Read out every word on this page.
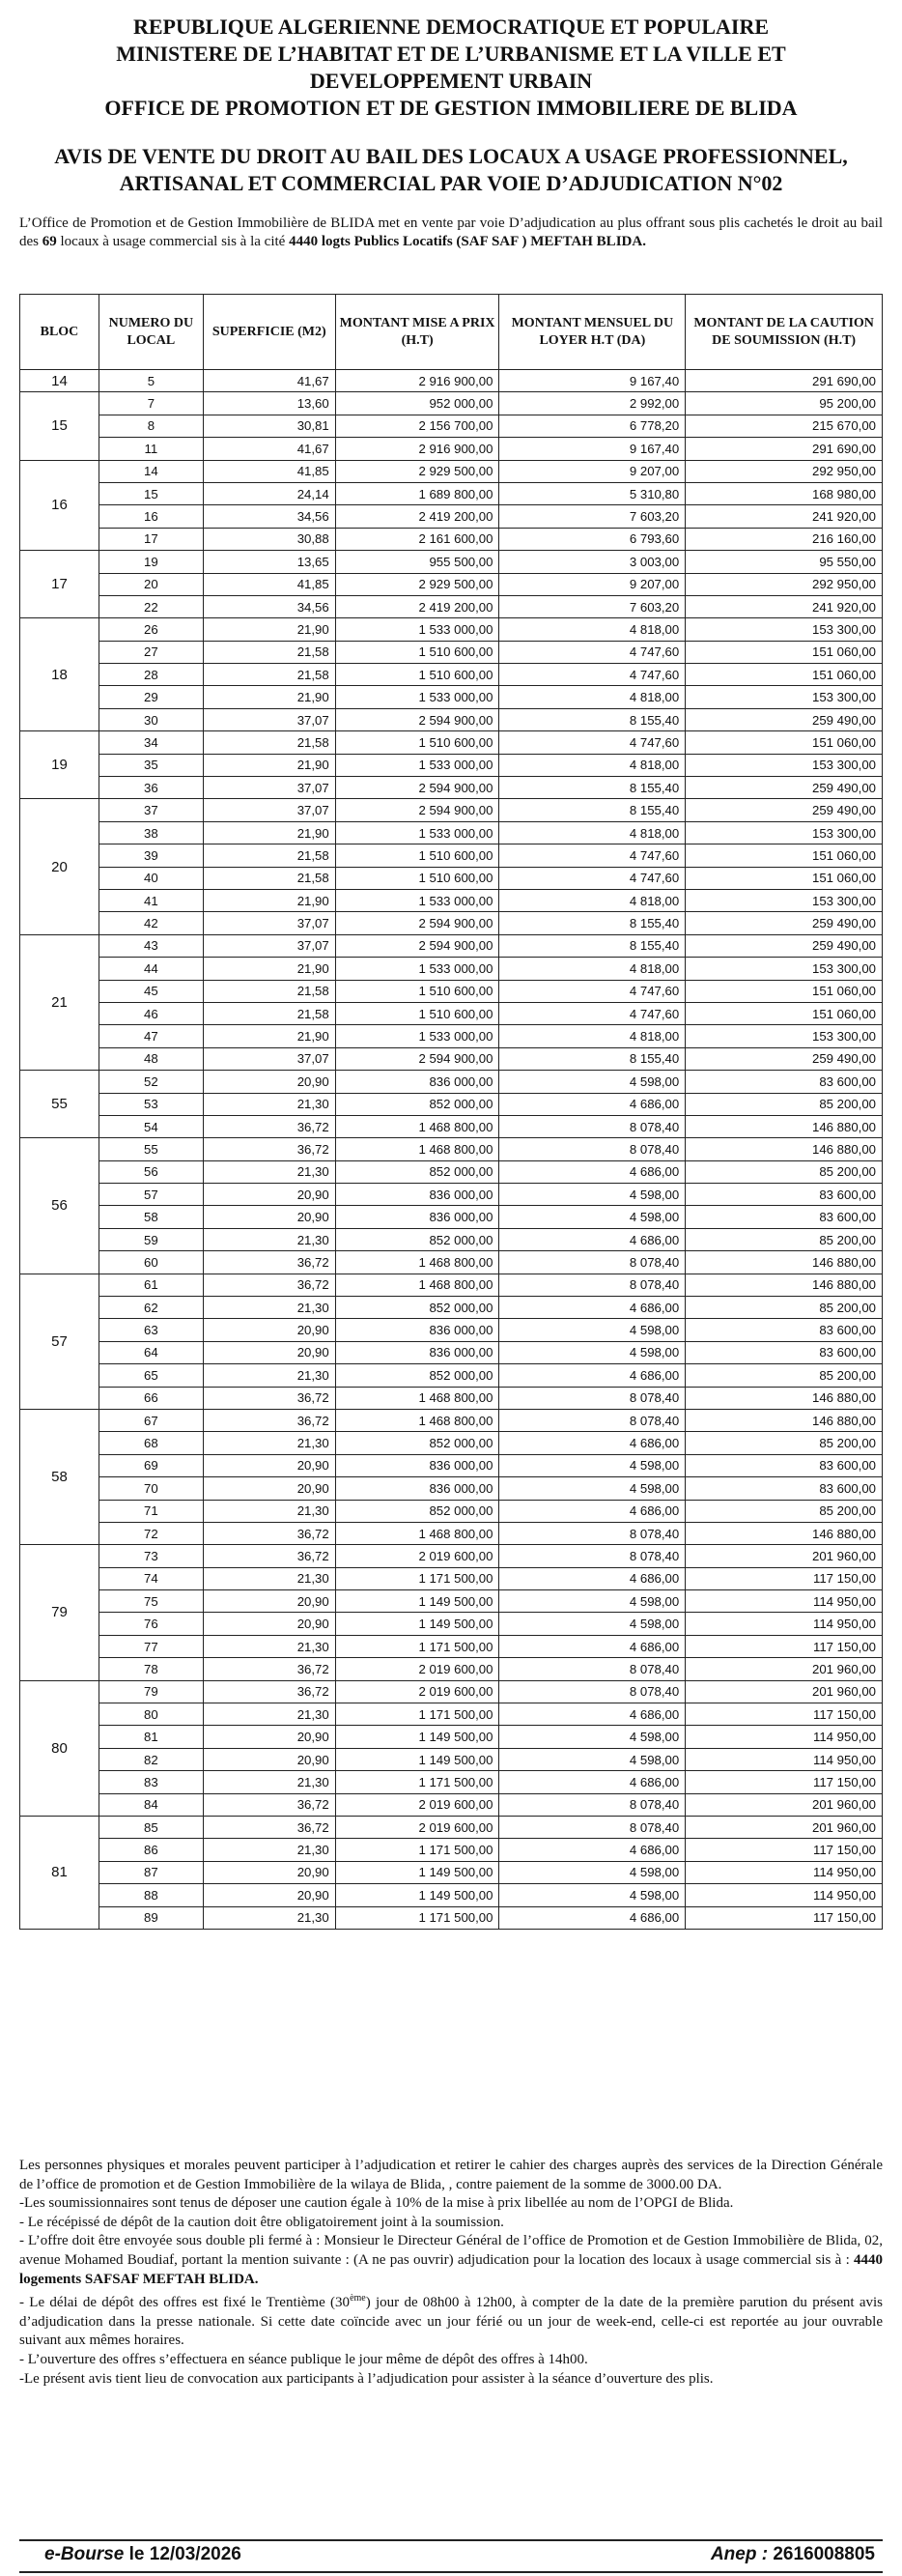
REPUBLIQUE ALGERIENNE DEMOCRATIQUE ET POPULAIRE
MINISTERE DE L’HABITAT ET DE L’URBANISME ET LA VILLE ET
DEVELOPPEMENT URBAIN
OFFICE DE PROMOTION ET DE GESTION IMMOBILIERE DE BLIDA
AVIS DE VENTE DU DROIT AU BAIL DES LOCAUX A USAGE PROFESSIONNEL,
ARTISANAL ET COMMERCIAL PAR VOIE D’ADJUDICATION N°02
L’Office de Promotion et de Gestion Immobilière de BLIDA met en vente par voie D’adjudication au plus offrant sous plis cachetés le droit au bail des 69 locaux à usage commercial sis à la cité 4440 logts Publics Locatifs (SAF SAF ) MEFTAH BLIDA.
BLOC	NUMERO DU LOCAL	SUPERFICIE (M2)	MONTANT MISE A PRIX (H.T)	MONTANT MENSUEL DU LOYER H.T (DA)	MONTANT DE LA CAUTION DE SOUMISSION (H.T)
14	5	41,67	2 916 900,00	9 167,40	291 690,00
15	7	13,60	952 000,00	2 992,00	95 200,00
	8	30,81	2 156 700,00	6 778,20	215 670,00
	11	41,67	2 916 900,00	9 167,40	291 690,00
16	14	41,85	2 929 500,00	9 207,00	292 950,00
	15	24,14	1 689 800,00	5 310,80	168 980,00
	16	34,56	2 419 200,00	7 603,20	241 920,00
	17	30,88	2 161 600,00	6 793,60	216 160,00
17	19	13,65	955 500,00	3 003,00	95 550,00
	20	41,85	2 929 500,00	9 207,00	292 950,00
	22	34,56	2 419 200,00	7 603,20	241 920,00
18	26	21,90	1 533 000,00	4 818,00	153 300,00
	27	21,58	1 510 600,00	4 747,60	151 060,00
	28	21,58	1 510 600,00	4 747,60	151 060,00
	29	21,90	1 533 000,00	4 818,00	153 300,00
	30	37,07	2 594 900,00	8 155,40	259 490,00
19	34	21,58	1 510 600,00	4 747,60	151 060,00
	35	21,90	1 533 000,00	4 818,00	153 300,00
	36	37,07	2 594 900,00	8 155,40	259 490,00
20	37	37,07	2 594 900,00	8 155,40	259 490,00
	38	21,90	1 533 000,00	4 818,00	153 300,00
	39	21,58	1 510 600,00	4 747,60	151 060,00
	40	21,58	1 510 600,00	4 747,60	151 060,00
	41	21,90	1 533 000,00	4 818,00	153 300,00
	42	37,07	2 594 900,00	8 155,40	259 490,00
21	43	37,07	2 594 900,00	8 155,40	259 490,00
	44	21,90	1 533 000,00	4 818,00	153 300,00
	45	21,58	1 510 600,00	4 747,60	151 060,00
	46	21,58	1 510 600,00	4 747,60	151 060,00
	47	21,90	1 533 000,00	4 818,00	153 300,00
	48	37,07	2 594 900,00	8 155,40	259 490,00
55	52	20,90	836 000,00	4 598,00	83 600,00
	53	21,30	852 000,00	4 686,00	85 200,00
	54	36,72	1 468 800,00	8 078,40	146 880,00
56	55	36,72	1 468 800,00	8 078,40	146 880,00
	56	21,30	852 000,00	4 686,00	85 200,00
	57	20,90	836 000,00	4 598,00	83 600,00
	58	20,90	836 000,00	4 598,00	83 600,00
	59	21,30	852 000,00	4 686,00	85 200,00
	60	36,72	1 468 800,00	8 078,40	146 880,00
57	61	36,72	1 468 800,00	8 078,40	146 880,00
	62	21,30	852 000,00	4 686,00	85 200,00
	63	20,90	836 000,00	4 598,00	83 600,00
	64	20,90	836 000,00	4 598,00	83 600,00
	65	21,30	852 000,00	4 686,00	85 200,00
	66	36,72	1 468 800,00	8 078,40	146 880,00
58	67	36,72	1 468 800,00	8 078,40	146 880,00
	68	21,30	852 000,00	4 686,00	85 200,00
	69	20,90	836 000,00	4 598,00	83 600,00
	70	20,90	836 000,00	4 598,00	83 600,00
	71	21,30	852 000,00	4 686,00	85 200,00
	72	36,72	1 468 800,00	8 078,40	146 880,00
79	73	36,72	2 019 600,00	8 078,40	201 960,00
	74	21,30	1 171 500,00	4 686,00	117 150,00
	75	20,90	1 149 500,00	4 598,00	114 950,00
	76	20,90	1 149 500,00	4 598,00	114 950,00
	77	21,30	1 171 500,00	4 686,00	117 150,00
	78	36,72	2 019 600,00	8 078,40	201 960,00
80	79	36,72	2 019 600,00	8 078,40	201 960,00
	80	21,30	1 171 500,00	4 686,00	117 150,00
	81	20,90	1 149 500,00	4 598,00	114 950,00
	82	20,90	1 149 500,00	4 598,00	114 950,00
	83	21,30	1 171 500,00	4 686,00	117 150,00
	84	36,72	2 019 600,00	8 078,40	201 960,00
81	85	36,72	2 019 600,00	8 078,40	201 960,00
	86	21,30	1 171 500,00	4 686,00	117 150,00
	87	20,90	1 149 500,00	4 598,00	114 950,00
	88	20,90	1 149 500,00	4 598,00	114 950,00
	89	21,30	1 171 500,00	4 686,00	117 150,00

Les personnes physiques et morales peuvent participer à l’adjudication et retirer le cahier des charges auprès des services de la Direction Générale de l’office de promotion et de Gestion Immobilière de la wilaya de Blida, , contre paiement de la somme de 3000.00 DA.

-Les soumissionnaires sont tenus de déposer une caution égale à 10% de la mise à prix libellée au nom de l’OPGI de Blida.

- Le récépissé de dépôt de la caution doit être obligatoirement joint à la soumission.

- L’offre doit être envoyée sous double pli fermé à : Monsieur le Directeur Général de l’office de Promotion et de Gestion Immobilière de Blida, 02, avenue Mohamed Boudiaf, portant la mention suivante : (A ne pas ouvrir) adjudication pour la location des locaux à usage commercial sis à : 4440 logements SAFSAF MEFTAH BLIDA.

- Le délai de dépôt des offres est fixé le Trentième (30ème) jour de 08h00 à 12h00, à compter de la date de la première parution du présent avis d’adjudication dans la presse nationale. Si cette date coïncide avec un jour férié ou un jour de week-end, celle-ci est reportée au jour ouvrable suivant aux mêmes horaires.

- L’ouverture des offres s’effectuera en séance publique le jour même de dépôt des offres à 14h00.

-Le présent avis tient lieu de convocation aux participants à l’adjudication pour assister à la séance d’ouverture des plis.

e-Bourse le 12/03/2026	Anep : 2616008805
